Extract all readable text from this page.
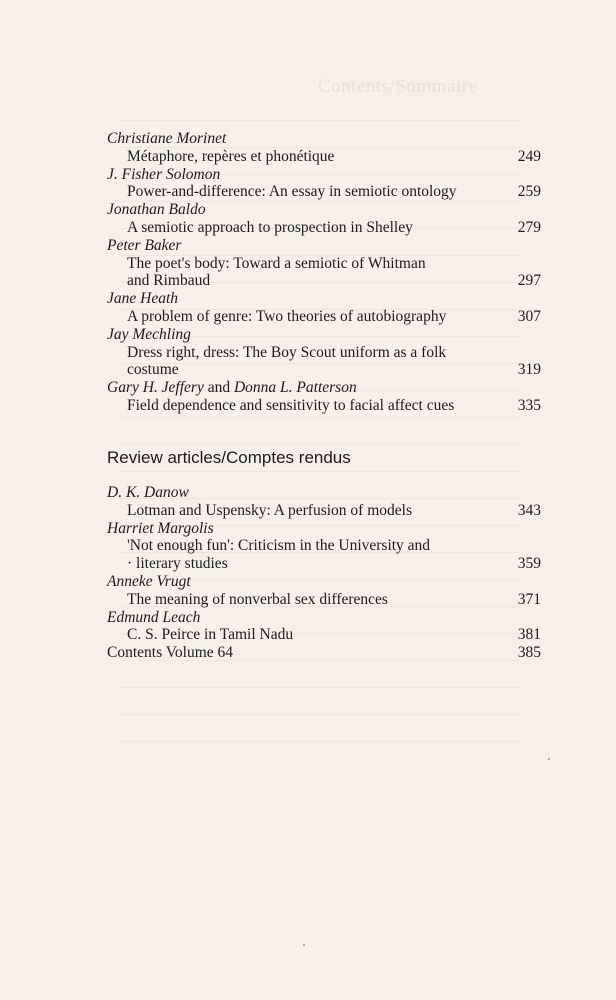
Contents/Sommaire
Christiane Morinet
Métaphore, repères et phonétique	249
J. Fisher Solomon
Power-and-difference: An essay in semiotic ontology	259
Jonathan Baldo
A semiotic approach to prospection in Shelley	279
Peter Baker
The poet's body: Toward a semiotic of Whitman
and Rimbaud	297
Jane Heath
A problem of genre: Two theories of autobiography	307
Jay Mechling
Dress right, dress: The Boy Scout uniform as a folk
costume	319
Gary H. Jeffery and Donna L. Patterson
Field dependence and sensitivity to facial affect cues	335
Review articles/Comptes rendus
D. K. Danow
Lotman and Uspensky: A perfusion of models	343
Harriet Margolis
'Not enough fun': Criticism in the University and
· literary studies	359
Anneke Vrugt
The meaning of nonverbal sex differences	371
Edmund Leach
C. S. Peirce in Tamil Nadu	381
Contents Volume 64	385
